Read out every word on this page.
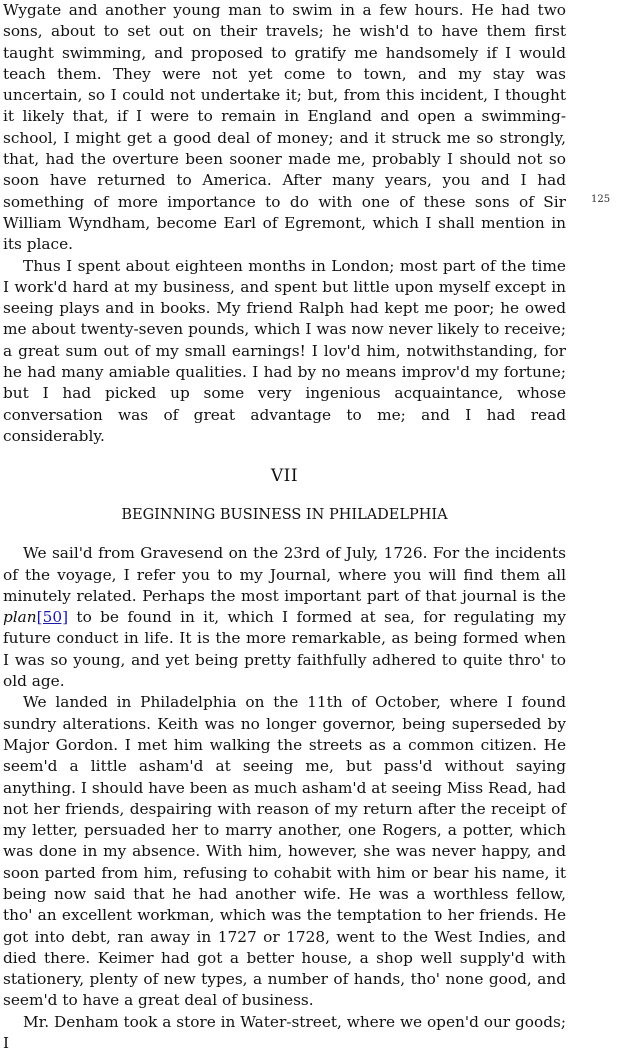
Wygate and another young man to swim in a few hours. He had two sons, about to set out on their travels; he wish'd to have them first taught swimming, and proposed to gratify me handsomely if I would teach them. They were not yet come to town, and my stay was uncertain, so I could not undertake it; but, from this incident, I thought it likely that, if I were to remain in England and open a swimming-school, I might get a good deal of money; and it struck me so strongly, that, had the overture been sooner made me, probably I should not so soon have returned to America. After many years, you and I had something of more importance to do with one of these sons of Sir William Wyndham, become Earl of Egremont, which I shall mention in its place.

Thus I spent about eighteen months in London; most part of the time I work'd hard at my business, and spent but little upon myself except in seeing plays and in books. My friend Ralph had kept me poor; he owed me about twenty-seven pounds, which I was now never likely to receive; a great sum out of my small earnings! I lov'd him, notwithstanding, for he had many amiable qualities. I had by no means improv'd my fortune; but I had picked up some very ingenious acquaintance, whose conversation was of great advantage to me; and I had read considerably.

VII
BEGINNING BUSINESS IN PHILADELPHIA

We sail'd from Gravesend on the 23rd of July, 1726. For the incidents of the voyage, I refer you to my Journal, where you will find them all minutely related. Perhaps the most important part of that journal is the plan[50] to be found in it, which I formed at sea, for regulating my future conduct in life. It is the more remarkable, as being formed when I was so young, and yet being pretty faithfully adhered to quite thro' to old age.

We landed in Philadelphia on the 11th of October, where I found sundry alterations. Keith was no longer governor, being superseded by Major Gordon. I met him walking the streets as a common citizen. He seem'd a little asham'd at seeing me, but pass'd without saying anything. I should have been as much asham'd at seeing Miss Read, had not her friends, despairing with reason of my return after the receipt of my letter, persuaded her to marry another, one Rogers, a potter, which was done in my absence. With him, however, she was never happy, and soon parted from him, refusing to cohabit with him or bear his name, it being now said that he had another wife. He was a worthless fellow, tho' an excellent workman, which was the temptation to her friends. He got into debt, ran away in 1727 or 1728, went to the West Indies, and died there. Keimer had got a better house, a shop well supply'd with stationery, plenty of new types, a number of hands, tho' none good, and seem'd to have a great deal of business.

Mr. Denham took a store in Water-street, where we open'd our goods; I

125
